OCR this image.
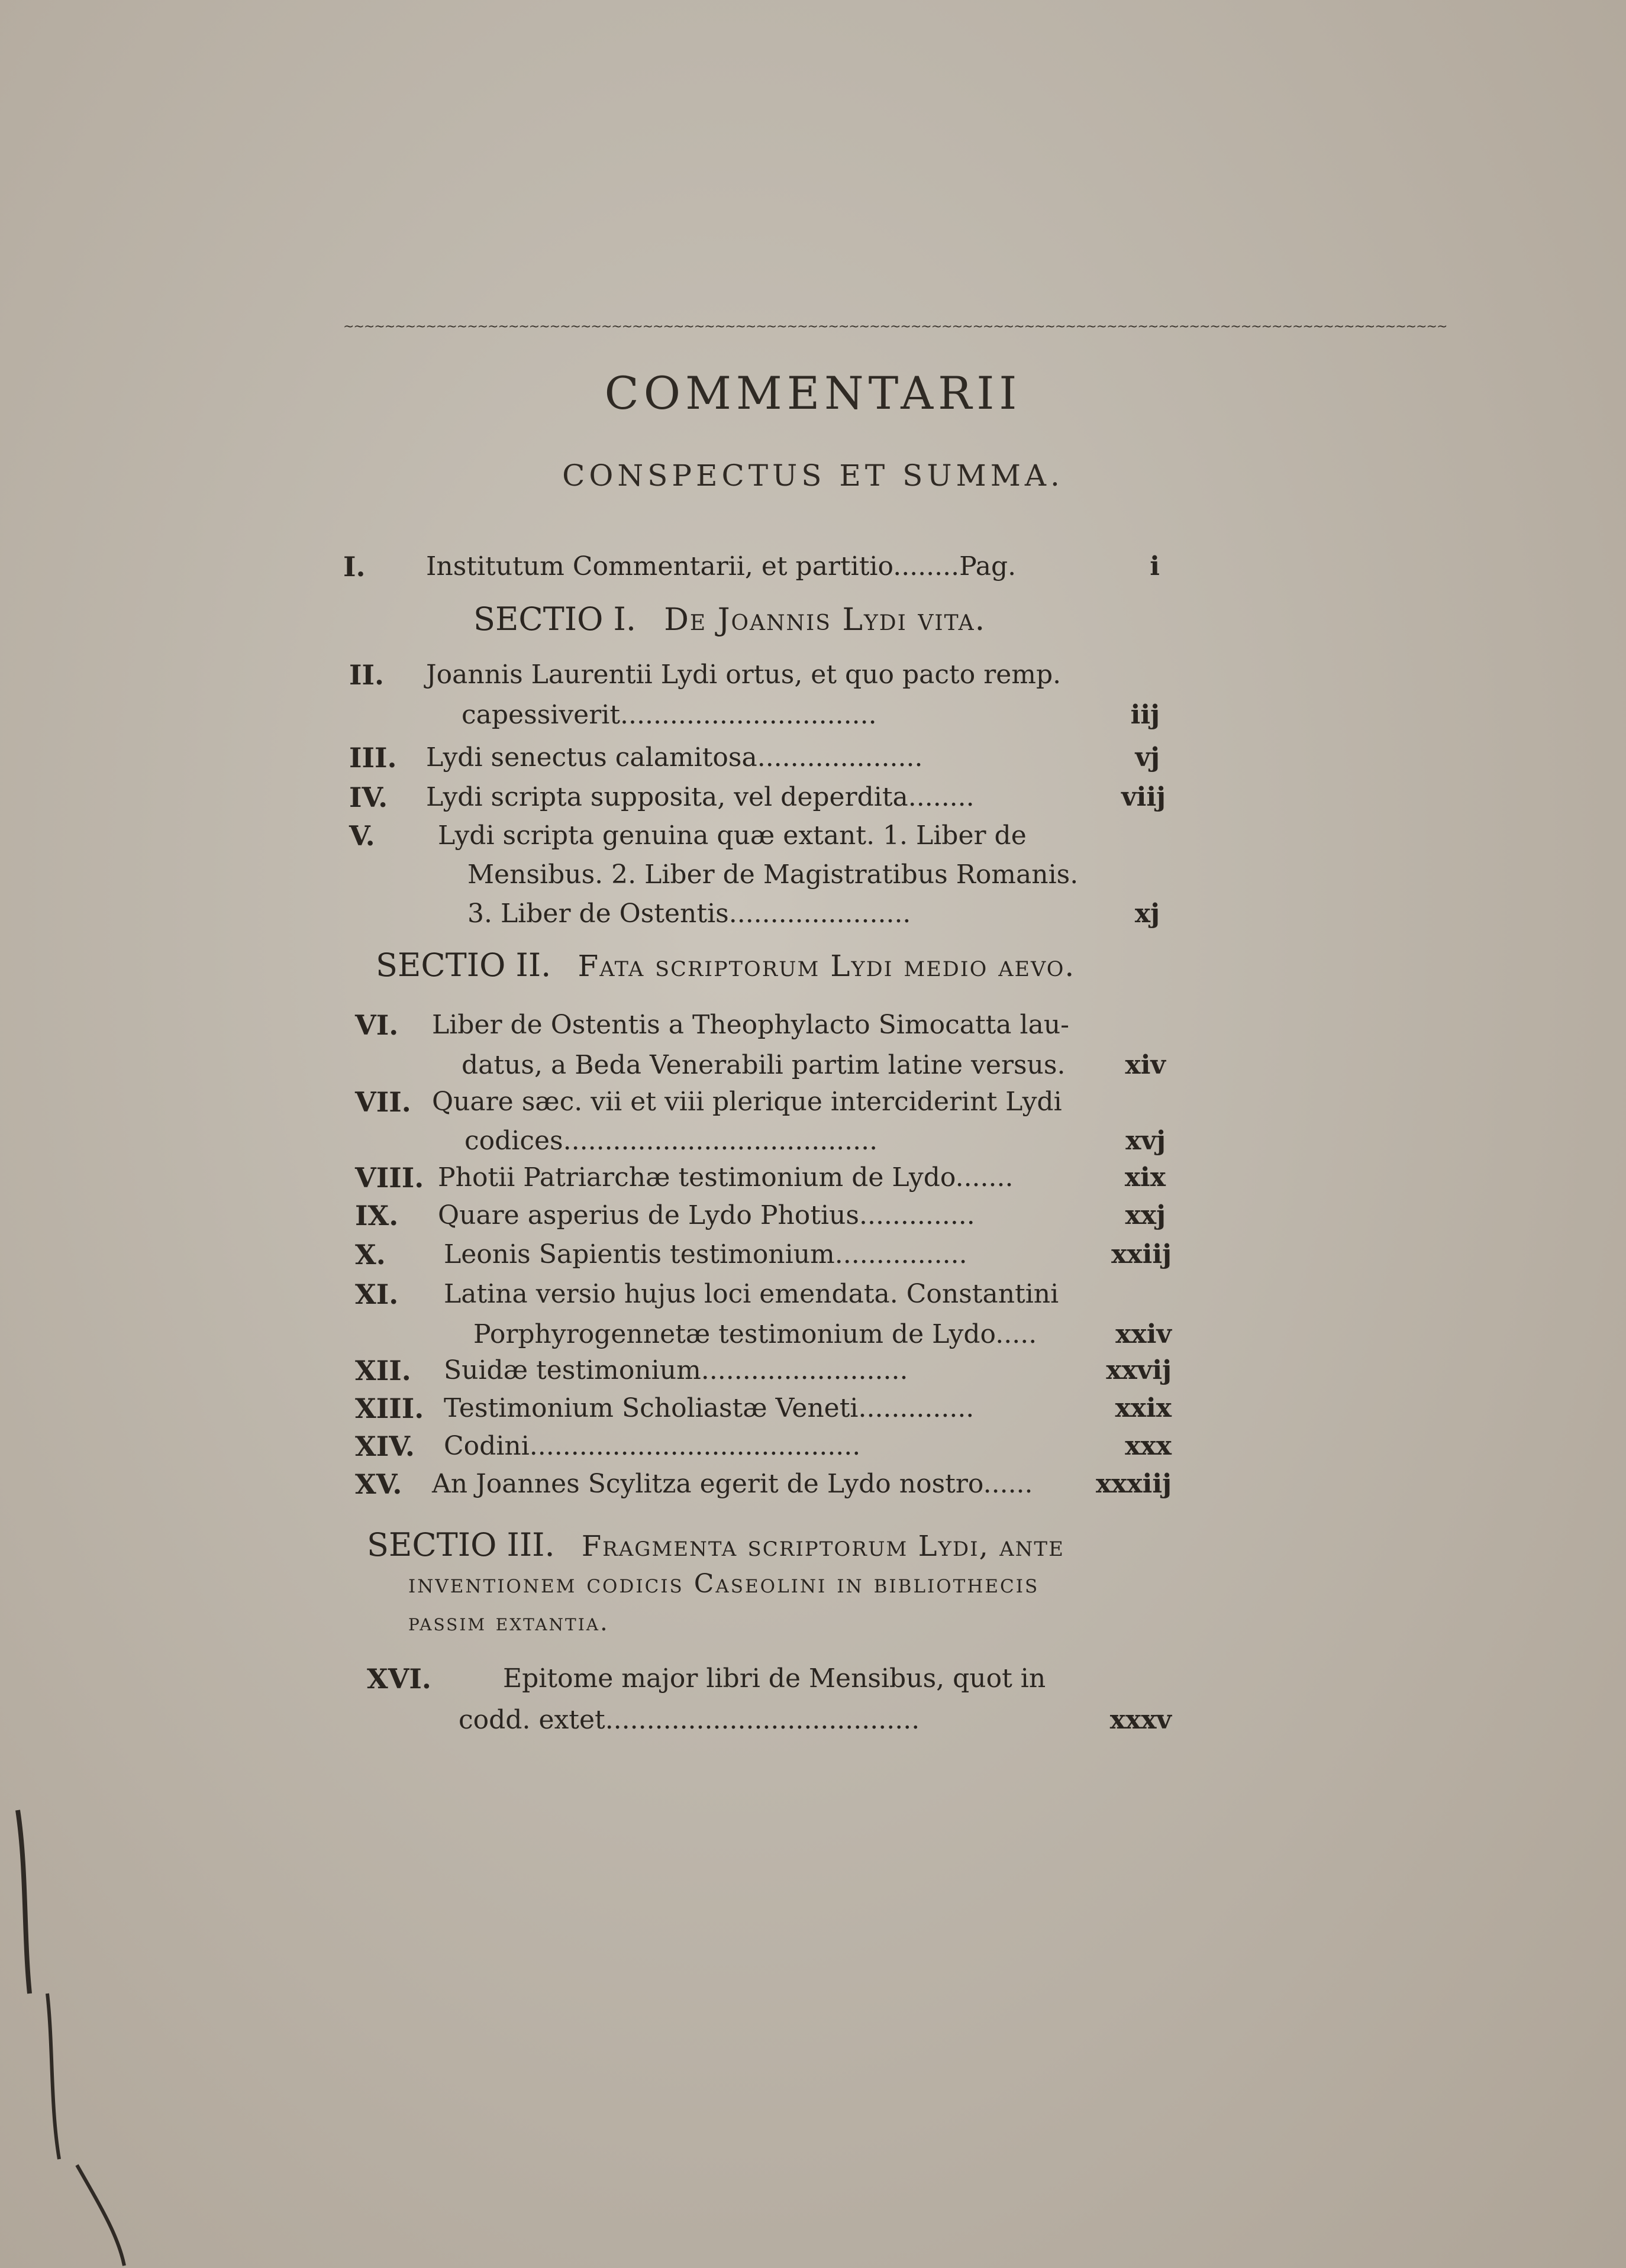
~~~~~~~~~~~~~~~~~~~~~~~~~~~~~~~~~~~~~~~~~~~~~~~~~~~~~~~~~~~~~~~~~~~~~~~~~~~~~~~~~~~~~~~~~~~~~~~~~~~~~~~~~~~
COMMENTARII
CONSPECTUS ET SUMMA.
I. Institutum Commentarii, et partitio........Pag.	i
SECTIO I. De Joannis Lydi vita.
II. Joannis Laurentii Lydi ortus, et quo pacto remp.
capessiverit...............................	iij
III. Lydi senectus calamitosa....................	vj
IV. Lydi scripta supposita, vel deperdita........	viij
V. Lydi scripta genuina quæ extant. 1. Liber de
Mensibus. 2. Liber de Magistratibus Romanis.
3. Liber de Ostentis......................	xj
SECTIO II. Fata scriptorum Lydi medio aevo.
VI. Liber de Ostentis a Theophylacto Simocatta lau-
datus, a Beda Venerabili partim latine versus.	xiv
VII. Quare sæc. vii et viii plerique interciderint Lydi
codices......................................	xvj
VIII. Photii Patriarchæ testimonium de Lydo.......	xix
IX. Quare asperius de Lydo Photius..............	xxj
X. Leonis Sapientis testimonium................	xxiij
XI. Latina versio hujus loci emendata. Constantini
Porphyrogennetæ testimonium de Lydo.....	xxiv
XII. Suidæ testimonium.........................	xxvij
XIII. Testimonium Scholiastæ Veneti..............	xxix
XIV. Codini........................................	xxx
XV. An Joannes Scylitza egerit de Lydo nostro...... xxxiij
SECTIO III. Fragmenta scriptorum Lydi, ante
inventionem codicis Caseolini in bibliothecis
passim extantia.
XVI.	Epitome major libri de Mensibus, quot in
codd. extet......................................	xxxv
